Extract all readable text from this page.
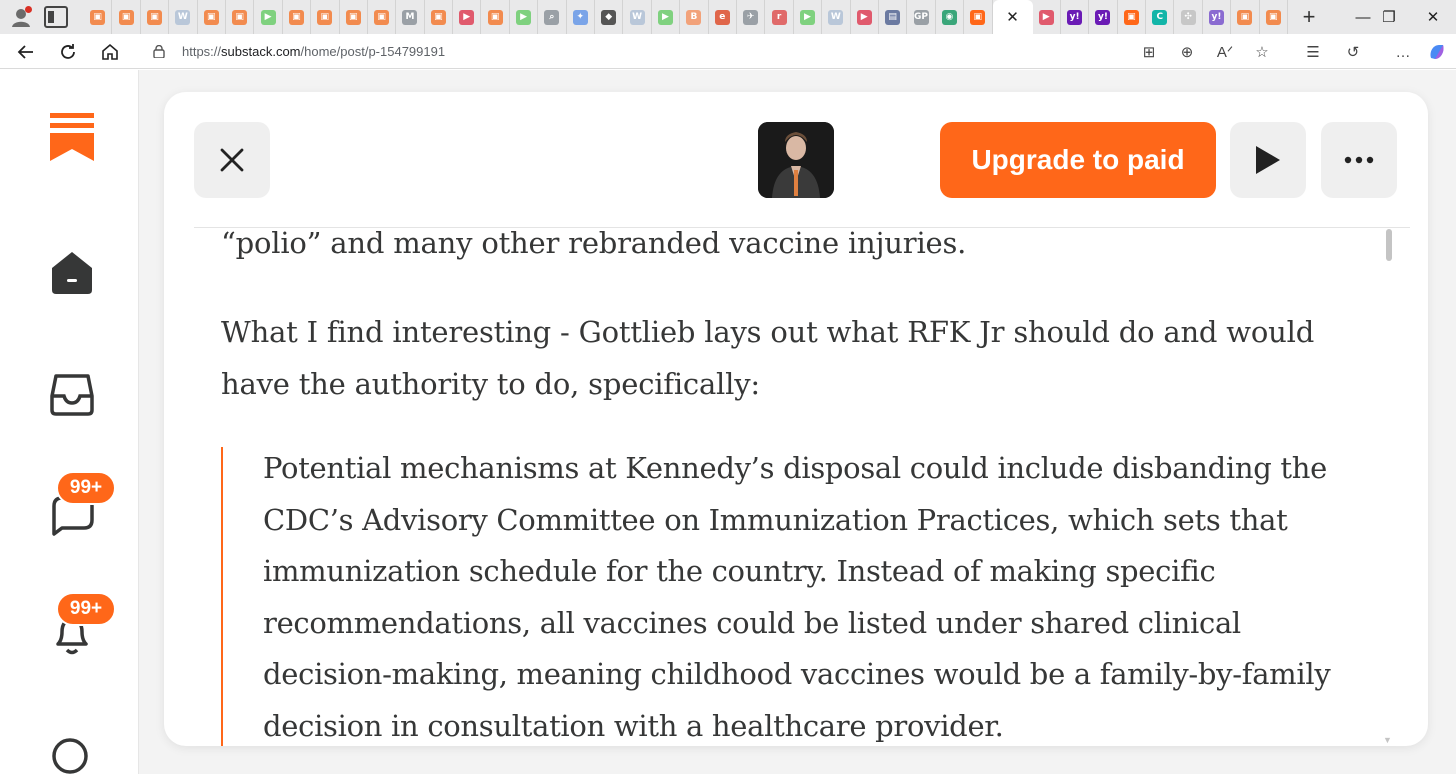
▣	▣	▣	W	▣	▣	▶	▣	▣	▣	▣	M	▣	▶	▣	▶	⌕	✦	◆	W	▶	B	e	✈	r	▶	W	▶	▤	GP	◉	▣ ✕	▶	y! y!	▣	C	✣	y!	▣	▣	+	— ❐	✕
https://substack.com/home/post/p-154799191	⊞	⊕	Aᐟ	☆	☰	↺	…
99+
99+
Upgrade to paid

“polio” and many other rebranded vaccine injuries.

What I find interesting - Gottlieb lays out what RFK Jr should do and would have the authority to do, specifically:

Potential mechanisms at Kennedy’s disposal could include disbanding the CDC’s Advisory Committee on Immunization Practices, which sets that immunization schedule for the country. Instead of making specific recommendations, all vaccines could be listed under shared clinical decision-making, meaning childhood vaccines would be a family-by-family decision in consultation with a healthcare provider.	▼
